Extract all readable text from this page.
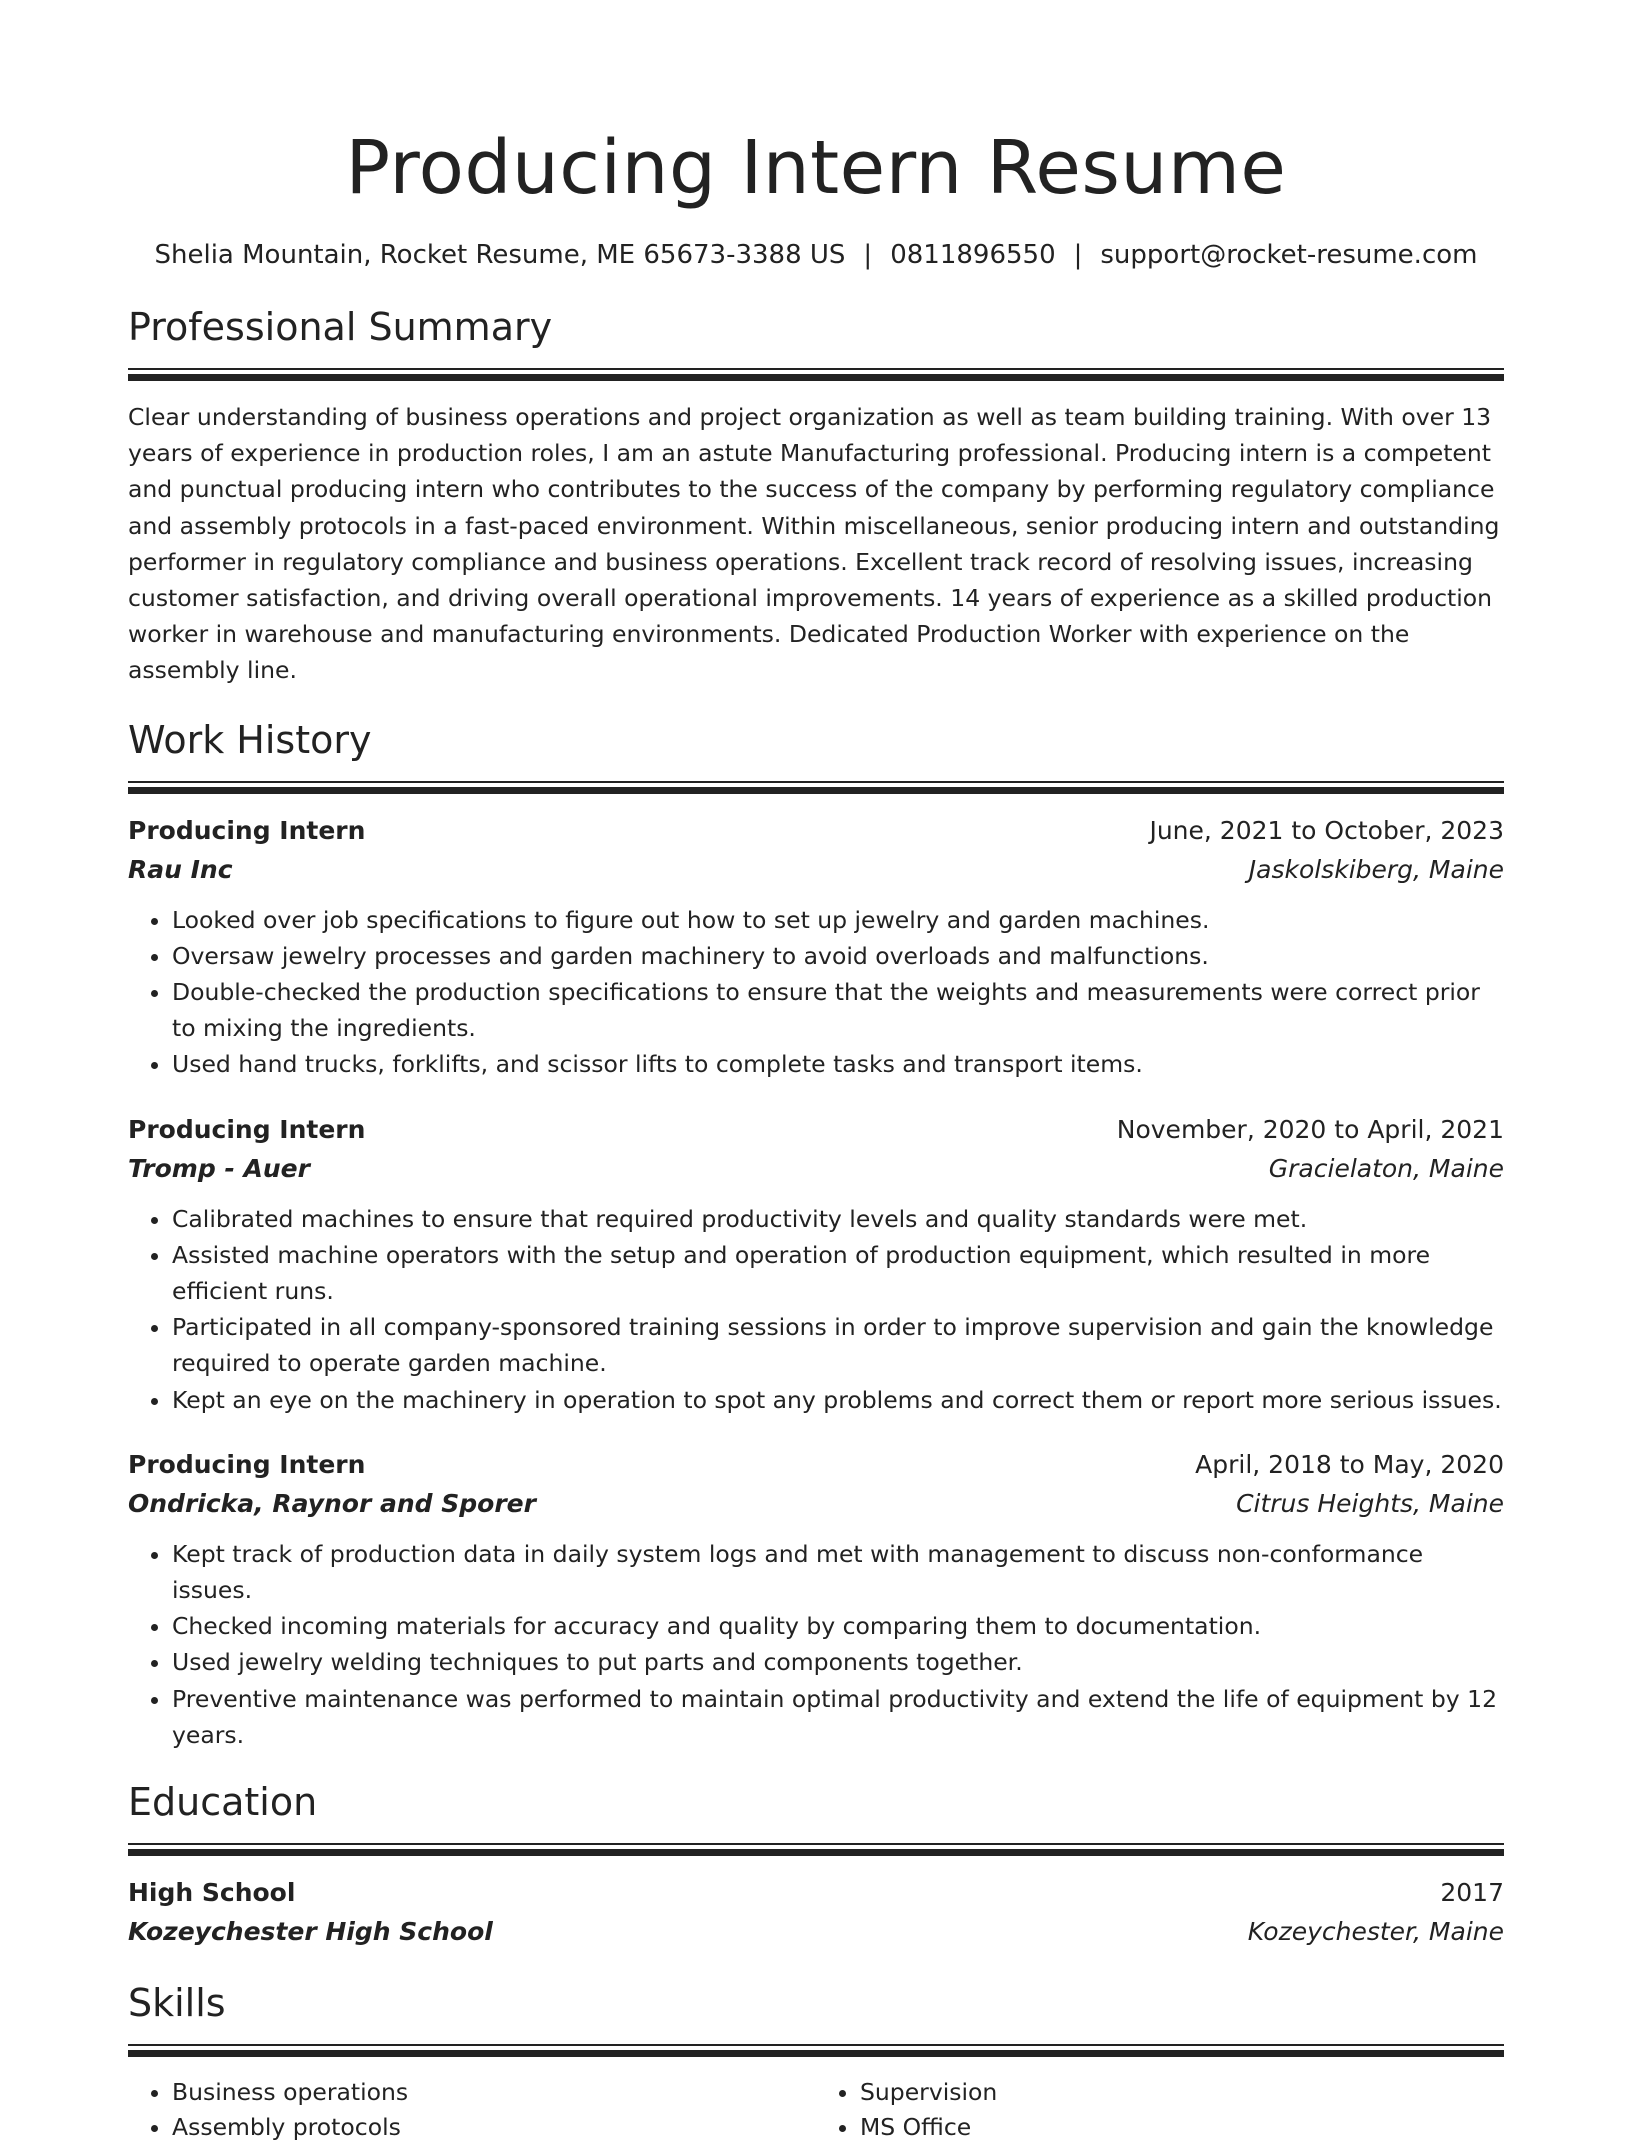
Producing Intern Resume
Shelia Mountain, Rocket Resume, ME 65673-3388 US | 0811896550 | support@rocket-resume.com
Professional Summary

Clear understanding of business operations and project organization as well as team building training. With over 13 years of experience in production roles, I am an astute Manufacturing professional. Producing intern is a competent and punctual producing intern who contributes to the success of the company by performing regulatory compliance and assembly protocols in a fast-paced environment. Within miscellaneous, senior producing intern and outstanding performer in regulatory compliance and business operations. Excellent track record of resolving issues, increasing customer satisfaction, and driving overall operational improvements. 14 years of experience as a skilled production worker in warehouse and manufacturing environments. Dedicated Production Worker with experience on the assembly line.

Work History
Producing Intern	June, 2021 to October, 2023
Rau Inc	Jaskolskiberg, Maine
• Looked over job specifications to figure out how to set up jewelry and garden machines.
• Oversaw jewelry processes and garden machinery to avoid overloads and malfunctions.
• Double-checked the production specifications to ensure that the weights and measurements were correct prior to mixing the ingredients.
• Used hand trucks, forklifts, and scissor lifts to complete tasks and transport items.
Producing Intern	November, 2020 to April, 2021
Tromp - Auer	Gracielaton, Maine
• Calibrated machines to ensure that required productivity levels and quality standards were met.
• Assisted machine operators with the setup and operation of production equipment, which resulted in more efficient runs.
• Participated in all company-sponsored training sessions in order to improve supervision and gain the knowledge required to operate garden machine.
• Kept an eye on the machinery in operation to spot any problems and correct them or report more serious issues.
Producing Intern	April, 2018 to May, 2020
Ondricka, Raynor and Sporer	Citrus Heights, Maine
• Kept track of production data in daily system logs and met with management to discuss non-conformance issues.
• Checked incoming materials for accuracy and quality by comparing them to documentation.
• Used jewelry welding techniques to put parts and components together.
• Preventive maintenance was performed to maintain optimal productivity and extend the life of equipment by 12 years.
Education
High School	2017
Kozeychester High School	Kozeychester, Maine
Skills
• Business operations
• Assembly protocols
• Supervision
• MS Office
